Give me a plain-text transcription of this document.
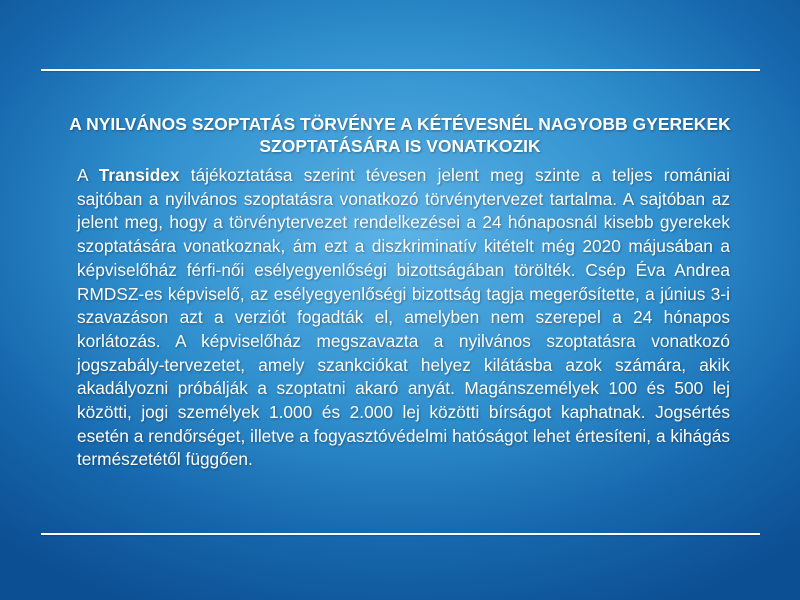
A NYILVÁNOS SZOPTATÁS TÖRVÉNYE A KÉTÉVESNÉL NAGYOBB GYEREKEK SZOPTATÁSÁRA IS VONATKOZIK

A Transidex tájékoztatása szerint tévesen jelent meg szinte a teljes romániai sajtóban a nyilvános szoptatásra vonatkozó törvénytervezet tartalma. A sajtóban az jelent meg, hogy a törvénytervezet rendelkezései a 24 hónaposnál kisebb gyerekek szoptatására vonatkoznak, ám ezt a diszkriminatív kitételt még 2020 májusában a képviselőház férfi-női esélyegyenlőségi bizottságában törölték. Csép Éva Andrea RMDSZ-es képviselő, az esélyegyenlőségi bizottság tagja megerősítette, a június 3-i szavazáson azt a verziót fogadták el, amelyben nem szerepel a 24 hónapos korlátozás. A képviselőház megszavazta a nyilvános szoptatásra vonatkozó jogszabály-tervezetet, amely szankciókat helyez kilátásba azok számára, akik akadályozni próbálják a szoptatni akaró anyát. Magánszemélyek 100 és 500 lej közötti, jogi személyek 1.000 és 2.000 lej közötti bírságot kaphatnak. Jogsértés esetén a rendőrséget, illetve a fogyasztóvédelmi hatóságot lehet értesíteni, a kihágás természetétől függően.
